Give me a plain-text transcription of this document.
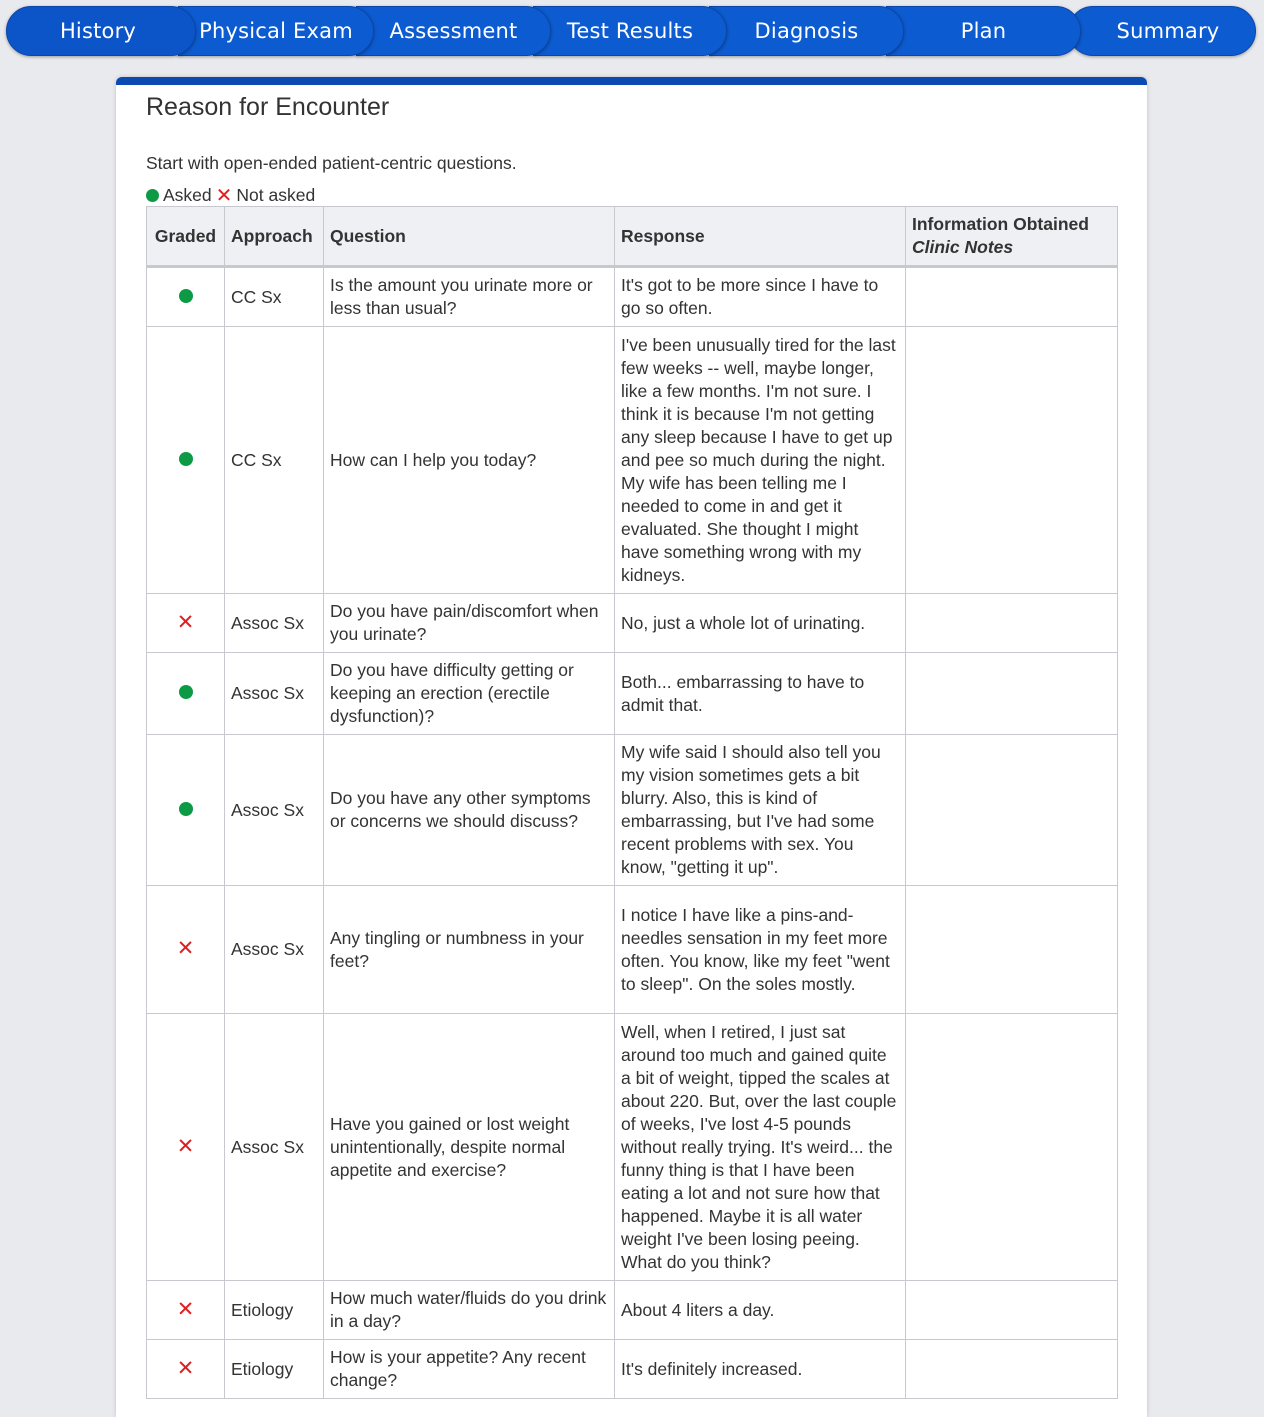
Summary
Plan
Diagnosis
Test Results
Assessment
Physical Exam
History
Reason for Encounter
Start with open-ended patient-centric questions.
Asked ✕ Not asked
Graded	Approach	Question	Response	Information Obtained
Clinic Notes
	CC Sx	Is the amount you urinate more or less than usual?	It's got to be more since I have to go so often.	
	CC Sx	How can I help you today?	I've been unusually tired for the last few weeks -- well, maybe longer, like a few months. I'm not sure. I think it is because I'm not getting any sleep because I have to get up and pee so much during the night. My wife has been telling me I needed to come in and get it evaluated. She thought I might have something wrong with my kidneys.	
✕	Assoc Sx	Do you have pain/discomfort when you urinate?	No, just a whole lot of urinating.	
	Assoc Sx	Do you have difficulty getting or keeping an erection (erectile dysfunction)?	Both... embarrassing to have to admit that.	
	Assoc Sx	Do you have any other symptoms or concerns we should discuss?	My wife said I should also tell you my vision sometimes gets a bit blurry. Also, this is kind of embarrassing, but I've had some recent problems with sex. You know, "getting it up".	
✕	Assoc Sx	Any tingling or numbness in your feet?	I notice I have like a pins-and-needles sensation in my feet more often. You know, like my feet "went to sleep". On the soles mostly.	
✕	Assoc Sx	Have you gained or lost weight unintentionally, despite normal appetite and exercise?	Well, when I retired, I just sat around too much and gained quite a bit of weight, tipped the scales at about 220. But, over the last couple of weeks, I've lost 4-5 pounds without really trying. It's weird... the funny thing is that I have been eating a lot and not sure how that happened. Maybe it is all water weight I've been losing peeing. What do you think?	
✕	Etiology	How much water/fluids do you drink in a day?	About 4 liters a day.	
✕	Etiology	How is your appetite? Any recent change?	It's definitely increased.	
